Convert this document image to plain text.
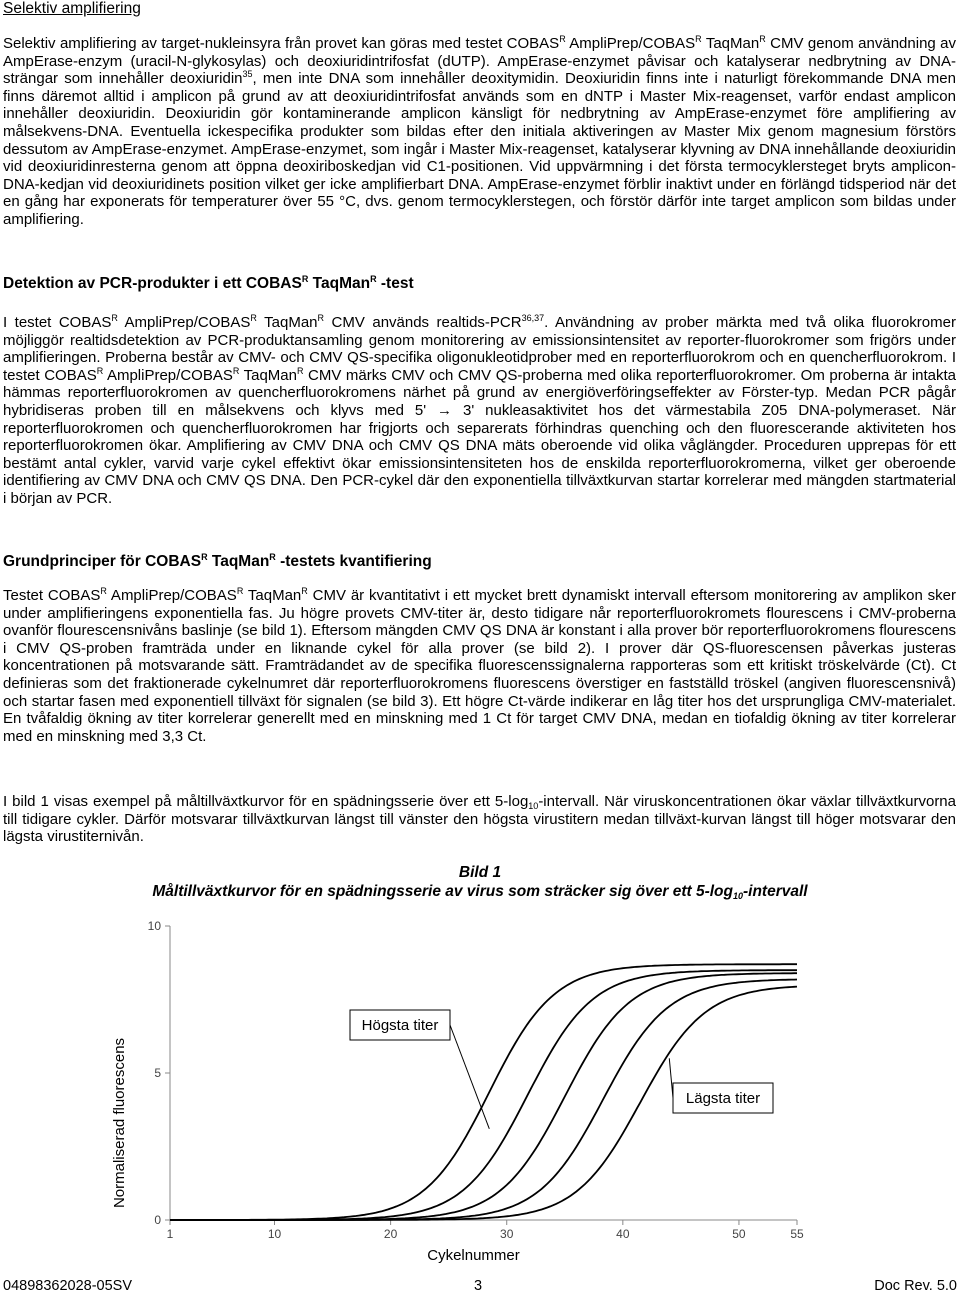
Selektiv amplifiering
Selektiv amplifiering av target-nukleinsyra från provet kan göras med testet $COBAS^R$ AmpliPrep/$COBAS^R$ TaqMan$^R$ CMV genom användning av AmpErase-enzym (uracil-N-glykosylas) och deoxiuridintrifosfat (dUTP). AmpErase-enzymet påvisar och katalyserar nedbrytning av DNA-strängar som innehåller deoxiuridin$^{35}$, men inte DNA som innehåller deoxitymidin. Deoxiuridin finns inte i naturligt förekommande DNA men finns däremot alltid i amplicon på grund av att deoxiuridintrifosfat används som en dNTP i Master Mix-reagenset, varför endast amplicon innehåller deoxiuridin. Deoxiuridin gör kontaminerande amplicon känsligt för nedbrytning av AmpErase-enzymet före amplifiering av målsekvens-DNA. Eventuella ickespecifika produkter som bildas efter den initiala aktiveringen av Master Mix genom magnesium förstörs dessutom av AmpErase-enzymet. AmpErase-enzymet, som ingår i Master Mix-reagenset, katalyserar klyvning av DNA innehållande deoxiuridin vid deoxiuridinresterna genom att öppna deoxiriboskedjan vid C1-positionen. Vid uppvärmning i det första termocyklersteget bryts amplicon-DNA-kedjan vid deoxiuridinets position vilket ger icke amplifierbart DNA. AmpErase-enzymet förblir inaktivt under en förlängd tidsperiod när det en gång har exponerats för temperaturer över 55 °C, dvs. genom termocyklerstegen, och förstör därför inte target amplicon som bildas under amplifiering.
Detektion av PCR-produkter i ett $COBAS^R$ TaqMan$^R$ -test
I testet $COBAS^R$ AmpliPrep/$COBAS^R$ TaqMan$^R$ CMV används realtids-PCR$^{36,37}$. Användning av prober märkta med två olika fluorokromer möjliggör realtidsdetektion av PCR-produktansamling genom monitorering av emissionsintensitet av reporter-fluorokromer som frigörs under amplifieringen. Proberna består av CMV- och CMV QS-specifika oligonukleotidprober med en reporterfluorokrom och en quencherfluorokrom. I testet $COBAS^R$ AmpliPrep/$COBAS^R$ TaqMan$^R$ CMV märks CMV och CMV QS-proberna med olika reporterfluorokromer. Om proberna är intakta hämmas reporterfluorokromen av quencherfluorokromens närhet på grund av energiöverföringseffekter av Förster-typ. Medan PCR pågår hybridiseras proben till en målsekvens och klyvs med 5' → 3' nukleasaktivitet hos det värmestabila Z05 DNA-polymeraset. När reporterfluorokromen och quencherfluorokromen har frigjorts och separerats förhindras quenching och den fluorescerande aktiviteten hos reporterfluorokromen ökar. Amplifiering av CMV DNA och CMV QS DNA mäts oberoende vid olika våglängder. Proceduren upprepas för ett bestämt antal cykler, varvid varje cykel effektivt ökar emissionsintensiteten hos de enskilda reporterfluorokromerna, vilket ger oberoende identifiering av CMV DNA och CMV QS DNA. Den PCR-cykel där den exponentiella tillväxtkurvan startar korrelerar med mängden startmaterial i början av PCR.
Grundprinciper för $COBAS^R$ TaqMan$^R$ -testets kvantifiering
Testet $COBAS^R$ AmpliPrep/$COBAS^R$ TaqMan$^R$ CMV är kvantitativt i ett mycket brett dynamiskt intervall eftersom monitorering av amplikon sker under amplifieringens exponentiella fas. Ju högre provets CMV-titer är, desto tidigare når reporterfluorokromets flourescens i CMV-proberna ovanför flourescensnivåns baslinje (se bild 1). Eftersom mängden CMV QS DNA är konstant i alla prover bör reporterfluorokromens flourescens i CMV QS-proben framträda under en liknande cykel för alla prover (se bild 2). I prover där QS-fluorescensen påverkas justeras koncentrationen på motsvarande sätt. Framträdandet av de specifika fluorescenssignalerna rapporteras som ett kritiskt tröskelvärde (Ct). Ct definieras som det fraktionerade cykelnumret där reporterfluorokromens fluorescens överstiger en fastställd tröskel (angiven fluorescensnivå) och startar fasen med exponentiell tillväxt för signalen (se bild 3). Ett högre Ct-värde indikerar en låg titer hos det ursprungliga CMV-materialet. En tvåfaldig ökning av titer korrelerar generellt med en minskning med 1 Ct för target CMV DNA, medan en tiofaldig ökning av titer korrelerar med en minskning med 3,3 Ct.
I bild 1 visas exempel på måltillväxtkurvor för en spädningsserie över ett $5-\log_{10}$-intervall. När viruskoncentrationen ökar växlar tillväxtkurvorna till tidigare cykler. Därför motsvarar tillväxtkurvan längst till vänster den högsta virustitern medan tillväxt-kurvan längst till höger motsvarar den lägsta virustiternivån.
Bild 1
Måltillväxtkurvor för en spädningsserie av virus som sträcker sig över ett $5-\log_{10}$-intervall
1	10	20	30	40	50	55
0
5
10
Cykelnummer
Normaliserad fluorescens
Högsta titer
Lägsta titer
04898362028-05SV	3	Doc Rev. 5.0
